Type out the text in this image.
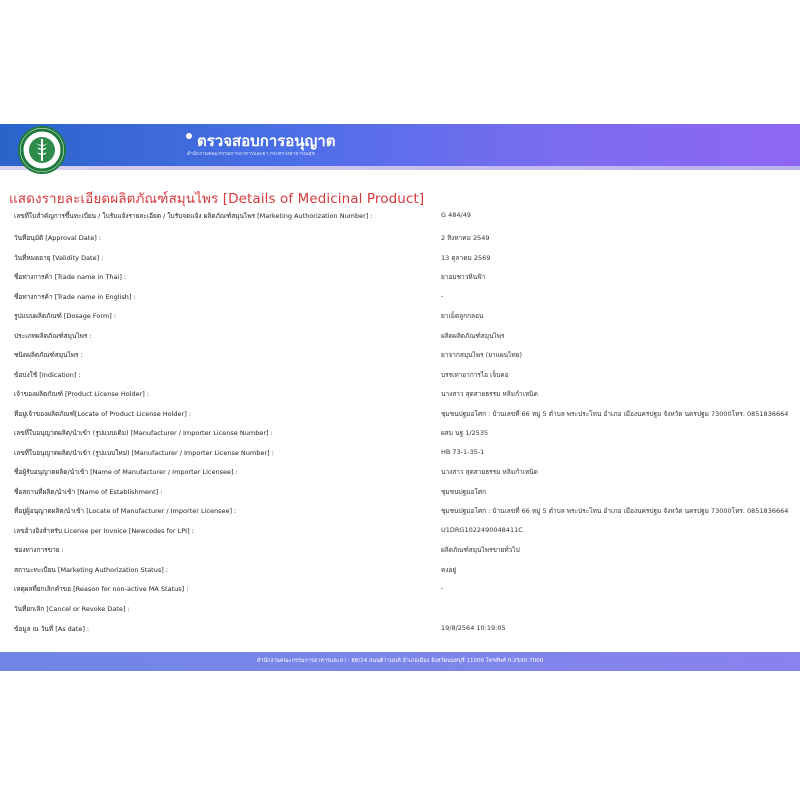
ตรวจสอบการอนุญาต
สำนักงานคณะกรรมการอาหารและยา กระทรวงสาธารณสุข
แสดงรายละเอียดผลิตภัณฑ์สมุนไพร [Details of Medicinal Product]
เลขที่ใบสำคัญการขึ้นทะเบียน / ใบรับแจ้งรายละเอียด / ใบรับจดแจ้ง ผลิตภัณฑ์สมุนไพร [Marketing Authorization Number] :	G 484/49
วันที่อนุมัติ [Approval Date] :	2 สิงหาคม 2549
วันที่หมดอายุ [Validity Date] :	13 ตุลาคม 2569
ชื่อทางการค้า [Trade name in Thai] :	ยาอมชาวหินฟ้า
ชื่อทางการค้า [Trade name in English] :	-
รูปแบบผลิตภัณฑ์ [Dosage Form] :	ยาเม็ดลูกกลอน
ประเภทผลิตภัณฑ์สมุนไพร :	ผลิตผลิตภัณฑ์สมุนไพร
ชนิดผลิตภัณฑ์สมุนไพร :	ยาจากสมุนไพร (ยาแผนไทย)
ข้อบ่งใช้ [Indication] :	บรรเทาอาการไอ เจ็บคอ
เจ้าของผลิตภัณฑ์ [Product License Holder] :	นางสาว สุดสายธรรม หลิมกำเหนิด
ที่อยู่เจ้าของผลิตภัณฑ์[Locate of Product License Holder] :	ชุมชนปฐมอโศก : บ้านเลขที่ 66 หมู่ 5 ตำบล พระประโทน อำเภอ เมืองนครปฐม จังหวัด นครปฐม 73000โทร. 0851836664
เลขที่ใบอนุญาตผลิต/นำเข้า (รูปแบบเดิม) [Manufacturer / Importer License Number] :	ผสม นฐ 1/2535
เลขที่ใบอนุญาตผลิต/นำเข้า (รูปแบบใหม่) [Manufacturer / Importer License Number] :	HB 73-1-35-1
ชื่อผู้รับอนุญาตผลิต/นำเข้า [Name of Manufacturer / Importer Licensee] :	นางสาว สุดสายธรรม หลิมกำเหนิด
ชื่อสถานที่ผลิต/นำเข้า [Name of Establishment] :	ชุมชนปฐมอโศก
ที่อยู่ผู้อนุญาตผลิต/นำเข้า [Locate of Manufacturer / Importer Licensee] :	ชุมชนปฐมอโศก : บ้านเลขที่ 66 หมู่ 5 ตำบล พระประโทน อำเภอ เมืองนครปฐม จังหวัด นครปฐม 73000โทร. 0851836664
เลขอ้างอิงสำหรับ License per Invoice [Newcodes for LPI] :	U1DRG1022490048411C
ช่องทางการขาย :	ผลิตภัณฑ์สมุนไพรขายทั่วไป
สถานะทะเบียน [Marketing Authorization Status] :	คงอยู่
เหตุผลที่ยกเลิกคำขอ [Reason for non-active MA Status] :	-
วันที่ยกเลิก [Cancel or Revoke Date] :
ข้อมูล ณ วันที่ [As date] :	19/8/2564 10:19:05
สำนักงานคณะกรรมการอาหารและยา : 88/24 ถนนติวานนท์ อำเภอเมือง จังหวัดนนทบุรี 11000 โทรศัพท์ 0-2590-7000
